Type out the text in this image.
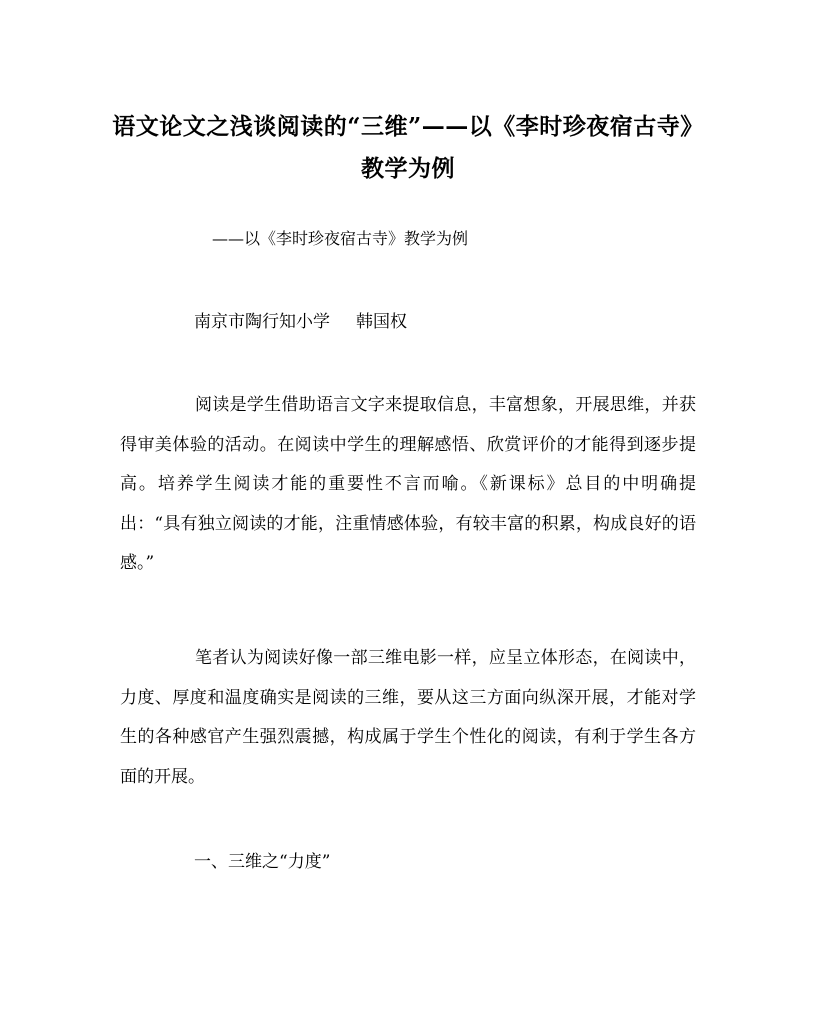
语文论文之浅谈阅读的“三维”——以《李时珍夜宿古寺》教学为例

——以《李时珍夜宿古寺》教学为例

南京市陶行知小学 韩国权

阅读是学生借助语言文字来提取信息，丰富想象，开展思维，并获得审美体验的活动。在阅读中学生的理解感悟、欣赏评价的才能得到逐步提高。培养学生阅读才能的重要性不言而喻。《新课标》总目的中明确提出：“具有独立阅读的才能，注重情感体验，有较丰富的积累，构成良好的语感。”

笔者认为阅读好像一部三维电影一样，应呈立体形态，在阅读中，力度、厚度和温度确实是阅读的三维，要从这三方面向纵深开展，才能对学生的各种感官产生强烈震撼，构成属于学生个性化的阅读，有利于学生各方面的开展。

一、三维之“力度”
